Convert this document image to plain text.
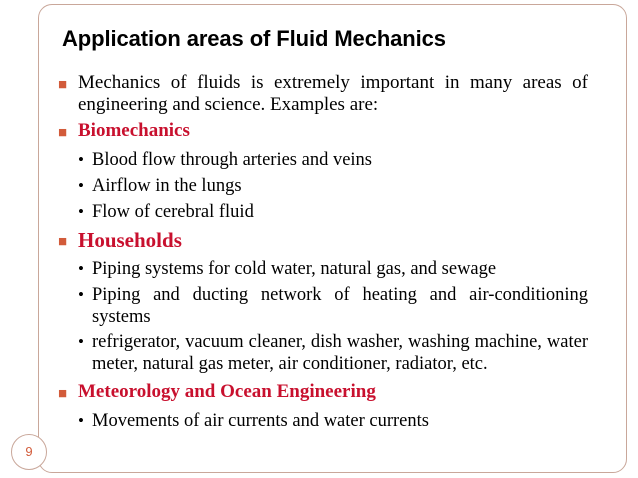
Application areas of Fluid Mechanics
■ Mechanics of fluids is extremely important in many areas of engineering and science. Examples are:
■ Biomechanics
• Blood flow through arteries and veins
• Airflow in the lungs
• Flow of cerebral fluid
■ Households
• Piping systems for cold water, natural gas, and sewage
• Piping and ducting network of heating and air-conditioning systems
• refrigerator, vacuum cleaner, dish washer, washing machine, water meter, natural gas meter, air conditioner, radiator, etc.
■ Meteorology and Ocean Engineering
• Movements of air currents and water currents
9
